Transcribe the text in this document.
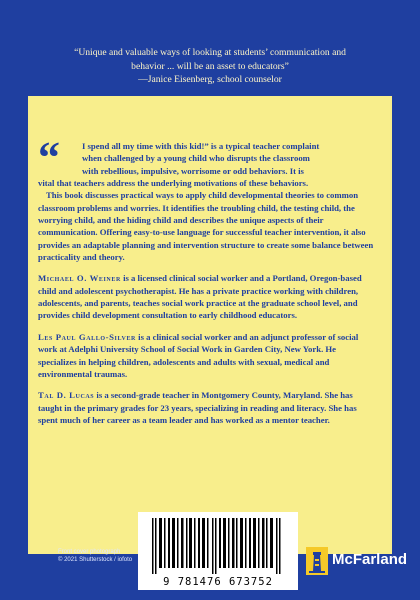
“Unique and valuable ways of looking at students’ communication and behavior ... will be an asset to educators”
—Janice Eisenberg, school counselor

“	I spend all my time with this kid!” is a typical teacher complaint
when challenged by a young child who disrupts the classroom
with rebellious, impulsive, worrisome or odd behaviors. It is
vital that teachers address the underlying motivations of these behaviors.

This book discusses practical ways to apply child developmental theories to common classroom problems and worries. It identifies the troubling child, the testing child, the worrying child, and the hiding child and describes the unique aspects of their communication. Offering easy-to-use language for successful teacher intervention, it also provides an adaptable planning and intervention structure to create some balance between practicality and theory.

Michael O. Weiner is a licensed clinical social worker and a Portland, Oregon-based child and adolescent psychotherapist. He has a private practice working with children, adolescents, and parents, teaches social work practice at the graduate school level, and provides child development consultation to early childhood educators.

Les Paul Gallo-Silver is a clinical social worker and an adjunct professor of social work at Adelphi University School of Social Work in Garden City, New York. He specializes in helping children, adolescents and adults with sexual, medical and environmental traumas.

Tal D. Lucas is a second-grade teacher in Montgomery County, Maryland. She has taught in the primary grades for 23 years, specializing in reading and literacy. She has spent much of her career as a team leader and has worked as a mentor teacher.

Front cover photograph
© 2021 Shutterstock / iofoto
9 781476 673752
McFarland
